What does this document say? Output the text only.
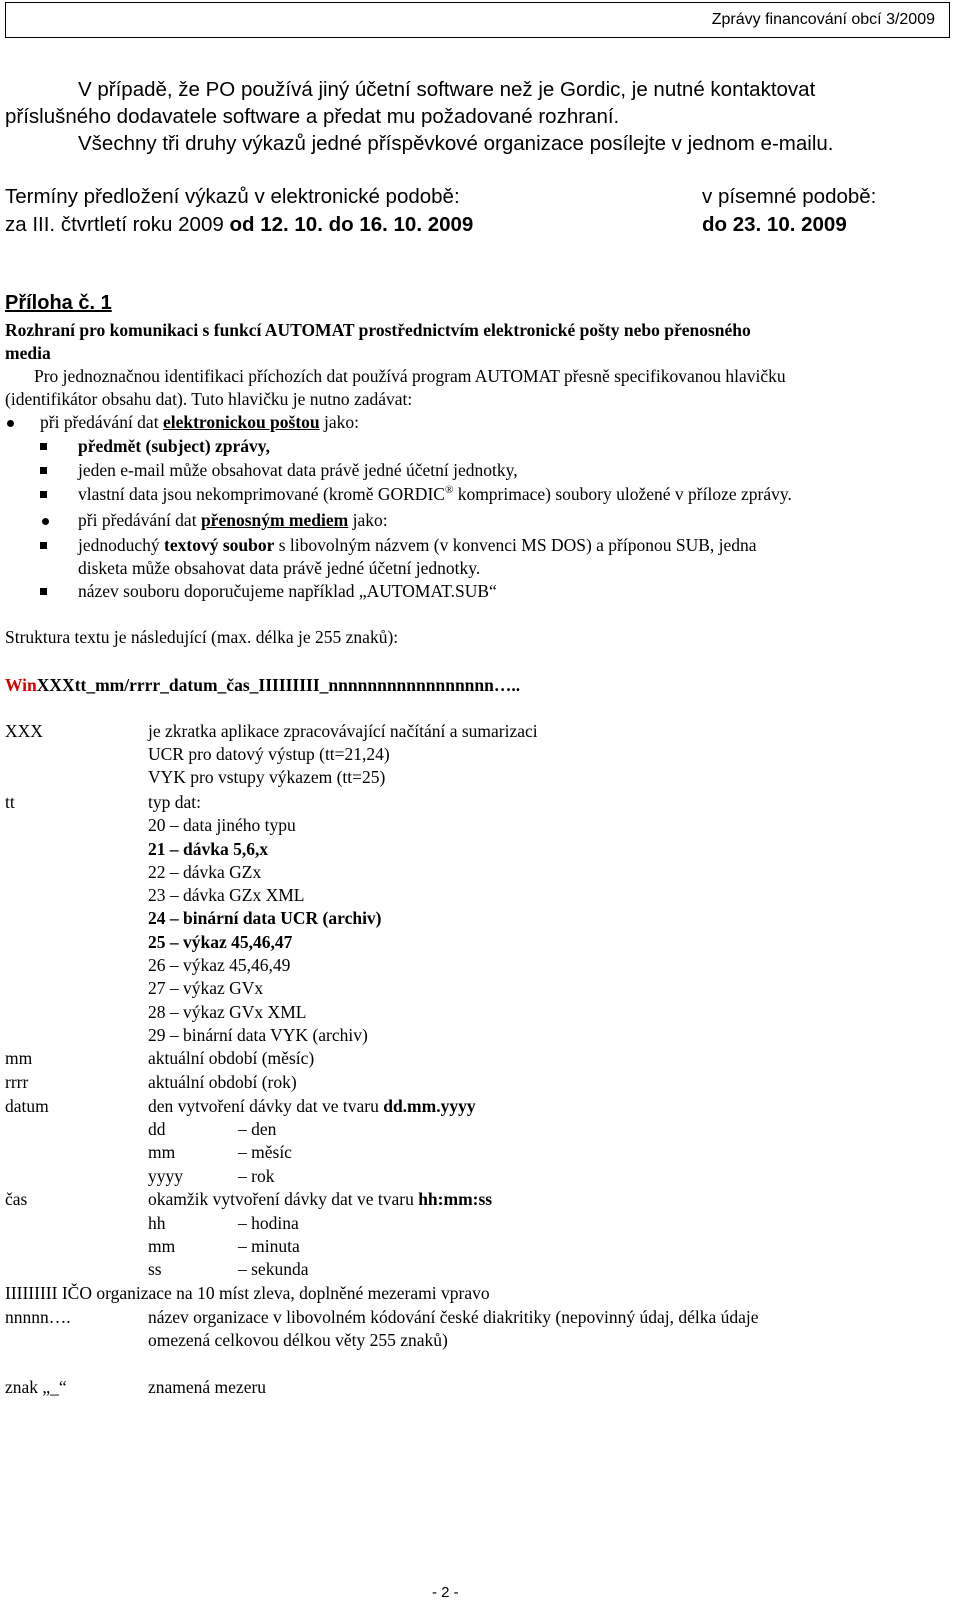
Zprávy financování obcí 3/2009
V případě, že PO používá jiný účetní software než je Gordic, je nutné kontaktovat
příslušného dodavatele software a předat mu požadované rozhraní.
Všechny tři druhy výkazů jedné příspěvkové organizace posílejte v jednom e-mailu.
Termíny předložení výkazů v elektronické podobě:	v písemné podobě:
za III. čtvrtletí roku 2009 od 12. 10. do 16. 10. 2009	do 23. 10. 2009
Příloha č. 1
Rozhraní pro komunikaci s funkcí AUTOMAT prostřednictvím elektronické pošty nebo přenosného
media
Pro jednoznačnou identifikaci příchozích dat používá program AUTOMAT přesně specifikovanou hlavičku
(identifikátor obsahu dat). Tuto hlavičku je nutno zadávat:
při předávání dat elektronickou poštou jako:
předmět (subject) zprávy,
jeden e-mail může obsahovat data právě jedné účetní jednotky,
vlastní data jsou nekomprimované (kromě GORDIC® komprimace) soubory uložené v příloze zprávy.
při předávání dat přenosným mediem jako:
jednoduchý textový soubor s libovolným názvem (v konvenci MS DOS) a příponou SUB, jedna
disketa může obsahovat data právě jedné účetní jednotky.
název souboru doporučujeme například „AUTOMAT.SUB“
Struktura textu je následující (max. délka je 255 znaků):
WinXXXtt_mm/rrrr_datum_čas_IIIIIIIII_nnnnnnnnnnnnnnnnn…..
XXX	je zkratka aplikace zpracovávající načítání a sumarizaci
UCR pro datový výstup (tt=21,24)
VYK pro vstupy výkazem (tt=25)
tt	typ dat:
20 – data jiného typu
21 – dávka 5,6,x
22 – dávka GZx
23 – dávka GZx XML
24 – binární data UCR (archiv)
25 – výkaz 45,46,47
26 – výkaz 45,46,49
27 – výkaz GVx
28 – výkaz GVx XML
29 – binární data VYK (archiv)
mm	aktuální období (měsíc)
rrrr	aktuální období (rok)
datum	den vytvoření dávky dat ve tvaru dd.mm.yyyy
dd	– den
mm	– měsíc
yyyy	– rok
čas	okamžik vytvoření dávky dat ve tvaru hh:mm:ss
hh	– hodina
mm	– minuta
ss	– sekunda
IIIIIIIII IČO organizace na 10 míst zleva, doplněné mezerami vpravo
nnnnn….	název organizace v libovolném kódování české diakritiky (nepovinný údaj, délka údaje
omezená celkovou délkou věty 255 znaků)
znak „_“	znamená mezeru
- 2 -
